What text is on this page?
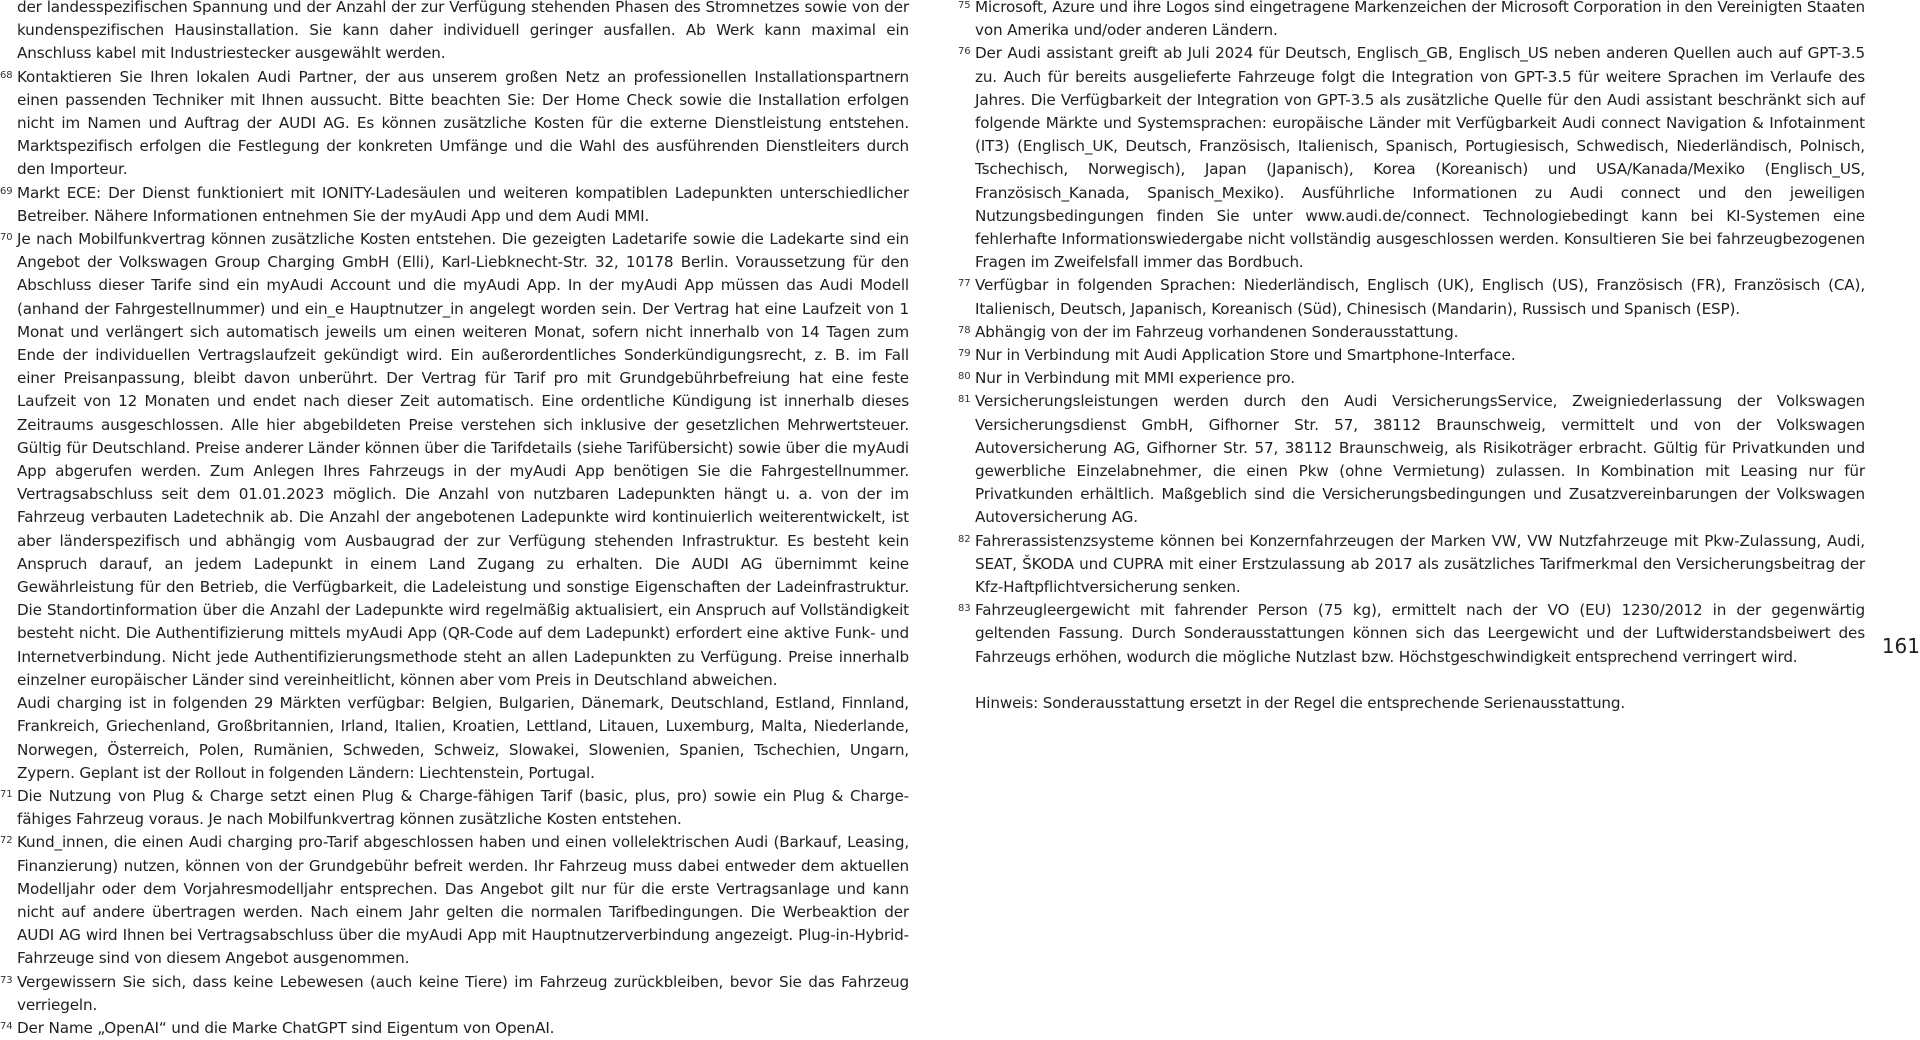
der landesspezifischen Spannung und der Anzahl der zur Verfügung stehenden Phasen des Stromnetzes sowie von der kundenspezifischen Hausinstallation. Sie kann daher individuell geringer ausfallen. Ab Werk kann maximal ein Anschluss kabel mit Industriestecker ausgewählt werden.

68 Kontaktieren Sie Ihren lokalen Audi Partner, der aus unserem großen Netz an professionellen Installationspartnern einen passenden Techniker mit Ihnen aussucht. Bitte beachten Sie: Der Home Check sowie die Installation erfolgen nicht im Namen und Auftrag der AUDI AG. Es können zusätzliche Kosten für die externe Dienstleistung entstehen. Marktspezifisch erfolgen die Festlegung der konkreten Umfänge und die Wahl des ausführenden Dienstleiters durch den Importeur.
69 Markt ECE: Der Dienst funktioniert mit IONITY-Ladesäulen und weiteren kompatiblen Ladepunkten unterschiedlicher Betreiber. Nähere Informationen entnehmen Sie der myAudi App und dem Audi MMI.
70 Je nach Mobilfunkvertrag können zusätzliche Kosten entstehen. Die gezeigten Ladetarife sowie die Ladekarte sind ein Angebot der Volkswagen Group Charging GmbH (Elli), Karl-Liebknecht-Str. 32, 10178 Berlin. Voraussetzung für den Abschluss dieser Tarife sind ein myAudi Account und die myAudi App. In der myAudi App müssen das Audi Modell (anhand der Fahrgestellnummer) und ein_e Hauptnutzer_in angelegt worden sein. Der Vertrag hat eine Laufzeit von 1 Monat und verlängert sich automatisch jeweils um einen weiteren Monat, sofern nicht innerhalb von 14 Tagen zum Ende der individuellen Vertragslaufzeit gekündigt wird. Ein außerordentliches Sonderkündigungsrecht, z. B. im Fall einer Preisanpassung, bleibt davon unberührt. Der Vertrag für Tarif pro mit Grundgebührbefreiung hat eine feste Laufzeit von 12 Monaten und endet nach dieser Zeit automatisch. Eine ordentliche Kündigung ist innerhalb dieses Zeitraums ausgeschlossen. Alle hier abgebildeten Preise verstehen sich inklusive der gesetzlichen Mehrwertsteuer. Gültig für Deutschland. Preise anderer Länder können über die Tarifdetails (siehe Tarifübersicht) sowie über die myAudi App abgerufen werden. Zum Anlegen Ihres Fahrzeugs in der myAudi App benötigen Sie die Fahrgestellnummer. Vertragsabschluss seit dem 01.01.2023 möglich. Die Anzahl von nutzbaren Ladepunkten hängt u. a. von der im Fahrzeug verbauten Ladetechnik ab. Die Anzahl der angebotenen Ladepunkte wird kontinuierlich weiterentwickelt, ist aber länderspezifisch und abhängig vom Ausbaugrad der zur Verfügung stehenden Infrastruktur. Es besteht kein Anspruch darauf, an jedem Ladepunkt in einem Land Zugang zu erhalten. Die AUDI AG übernimmt keine Gewährleistung für den Betrieb, die Verfügbarkeit, die Ladeleistung und sonstige Eigenschaften der Ladeinfrastruktur. Die Standortinformation über die Anzahl der Ladepunkte wird regelmäßig aktualisiert, ein Anspruch auf Vollständigkeit besteht nicht. Die Authentifizierung mittels myAudi App (QR-Code auf dem Ladepunkt) erfordert eine aktive Funk- und Internetverbindung. Nicht jede Authentifizierungsmethode steht an allen Ladepunkten zu Verfügung. Preise innerhalb einzelner europäischer Länder sind vereinheitlicht, können aber vom Preis in Deutschland abweichen.

Audi charging ist in folgenden 29 Märkten verfügbar: Belgien, Bulgarien, Dänemark, Deutschland, Estland, Finnland, Frankreich, Griechenland, Großbritannien, Irland, Italien, Kroatien, Lettland, Litauen, Luxemburg, Malta, Niederlande, Norwegen, Österreich, Polen, Rumänien, Schweden, Schweiz, Slowakei, Slowenien, Spanien, Tschechien, Ungarn, Zypern. Geplant ist der Rollout in folgenden Ländern: Liechtenstein, Portugal.

71 Die Nutzung von Plug & Charge setzt einen Plug & Charge-fähigen Tarif (basic, plus, pro) sowie ein Plug & Charge-fähiges Fahrzeug voraus. Je nach Mobilfunkvertrag können zusätzliche Kosten entstehen.
72 Kund_innen, die einen Audi charging pro-Tarif abgeschlossen haben und einen vollelektrischen Audi (Barkauf, Leasing, Finanzierung) nutzen, können von der Grundgebühr befreit werden. Ihr Fahrzeug muss dabei entweder dem aktuellen Modelljahr oder dem Vorjahresmodelljahr entsprechen. Das Angebot gilt nur für die erste Vertragsanlage und kann nicht auf andere übertragen werden. Nach einem Jahr gelten die normalen Tarifbedingungen. Die Werbeaktion der AUDI AG wird Ihnen bei Vertragsabschluss über die myAudi App mit Hauptnutzerverbindung angezeigt. Plug-in-Hybrid-Fahrzeuge sind von diesem Angebot ausgenommen.
73 Vergewissern Sie sich, dass keine Lebewesen (auch keine Tiere) im Fahrzeug zurückbleiben, bevor Sie das Fahrzeug verriegeln.
74 Der Name „OpenAI“ und die Marke ChatGPT sind Eigentum von OpenAI.
75 Microsoft, Azure und ihre Logos sind eingetragene Markenzeichen der Microsoft Corporation in den Vereinigten Staaten von Amerika und/oder anderen Ländern.
76 Der Audi assistant greift ab Juli 2024 für Deutsch, Englisch_GB, Englisch_US neben anderen Quellen auch auf GPT-3.5 zu. Auch für bereits ausgelieferte Fahrzeuge folgt die Integration von GPT-3.5 für weitere Sprachen im Verlaufe des Jahres. Die Verfügbarkeit der Integration von GPT-3.5 als zusätzliche Quelle für den Audi assistant beschränkt sich auf folgende Märkte und Systemsprachen: europäische Länder mit Verfügbarkeit Audi connect Navigation & Infotainment (IT3) (Englisch_UK, Deutsch, Französisch, Italienisch, Spanisch, Portugiesisch, Schwedisch, Niederländisch, Polnisch, Tschechisch, Norwegisch), Japan (Japanisch), Korea (Koreanisch) und USA/Kanada/Mexiko (Englisch_US, Französisch_Kanada, Spanisch_Mexiko). Ausführliche Informationen zu Audi connect und den jeweiligen Nutzungsbedingungen finden Sie unter www.audi.de/connect. Technologiebedingt kann bei KI-Systemen eine fehlerhafte Informationswiedergabe nicht vollständig ausgeschlossen werden. Konsultieren Sie bei fahrzeugbezogenen Fragen im Zweifelsfall immer das Bordbuch.
77 Verfügbar in folgenden Sprachen: Niederländisch, Englisch (UK), Englisch (US), Französisch (FR), Französisch (CA), Italienisch, Deutsch, Japanisch, Koreanisch (Süd), Chinesisch (Mandarin), Russisch und Spanisch (ESP).
78 Abhängig von der im Fahrzeug vorhandenen Sonderausstattung.
79 Nur in Verbindung mit Audi Application Store und Smartphone-Interface.
80 Nur in Verbindung mit MMI experience pro.
81 Versicherungsleistungen werden durch den Audi VersicherungsService, Zweigniederlassung der Volkswagen Versicherungsdienst GmbH, Gifhorner Str. 57, 38112 Braunschweig, vermittelt und von der Volkswagen Autoversicherung AG, Gifhorner Str. 57, 38112 Braunschweig, als Risikoträger erbracht. Gültig für Privatkunden und gewerbliche Einzelabnehmer, die einen Pkw (ohne Vermietung) zulassen. In Kombination mit Leasing nur für Privatkunden erhältlich. Maßgeblich sind die Versicherungsbedingungen und Zusatzvereinbarungen der Volkswagen Autoversicherung AG.
82 Fahrerassistenzsysteme können bei Konzernfahrzeugen der Marken VW, VW Nutzfahrzeuge mit Pkw-Zulassung, Audi, SEAT, ŠKODA und CUPRA mit einer Erstzulassung ab 2017 als zusätzliches Tarifmerkmal den Versicherungsbeitrag der Kfz-Haftpflichtversicherung senken.
83 Fahrzeugleergewicht mit fahrender Person (75 kg), ermittelt nach der VO (EU) 1230/2012 in der gegenwärtig geltenden Fassung. Durch Sonderausstattungen können sich das Leergewicht und der Luftwiderstandsbeiwert des Fahrzeugs erhöhen, wodurch die mögliche Nutzlast bzw. Höchstgeschwindigkeit entsprechend verringert wird.

Hinweis: Sonderausstattung ersetzt in der Regel die entsprechende Serienausstattung.

161
